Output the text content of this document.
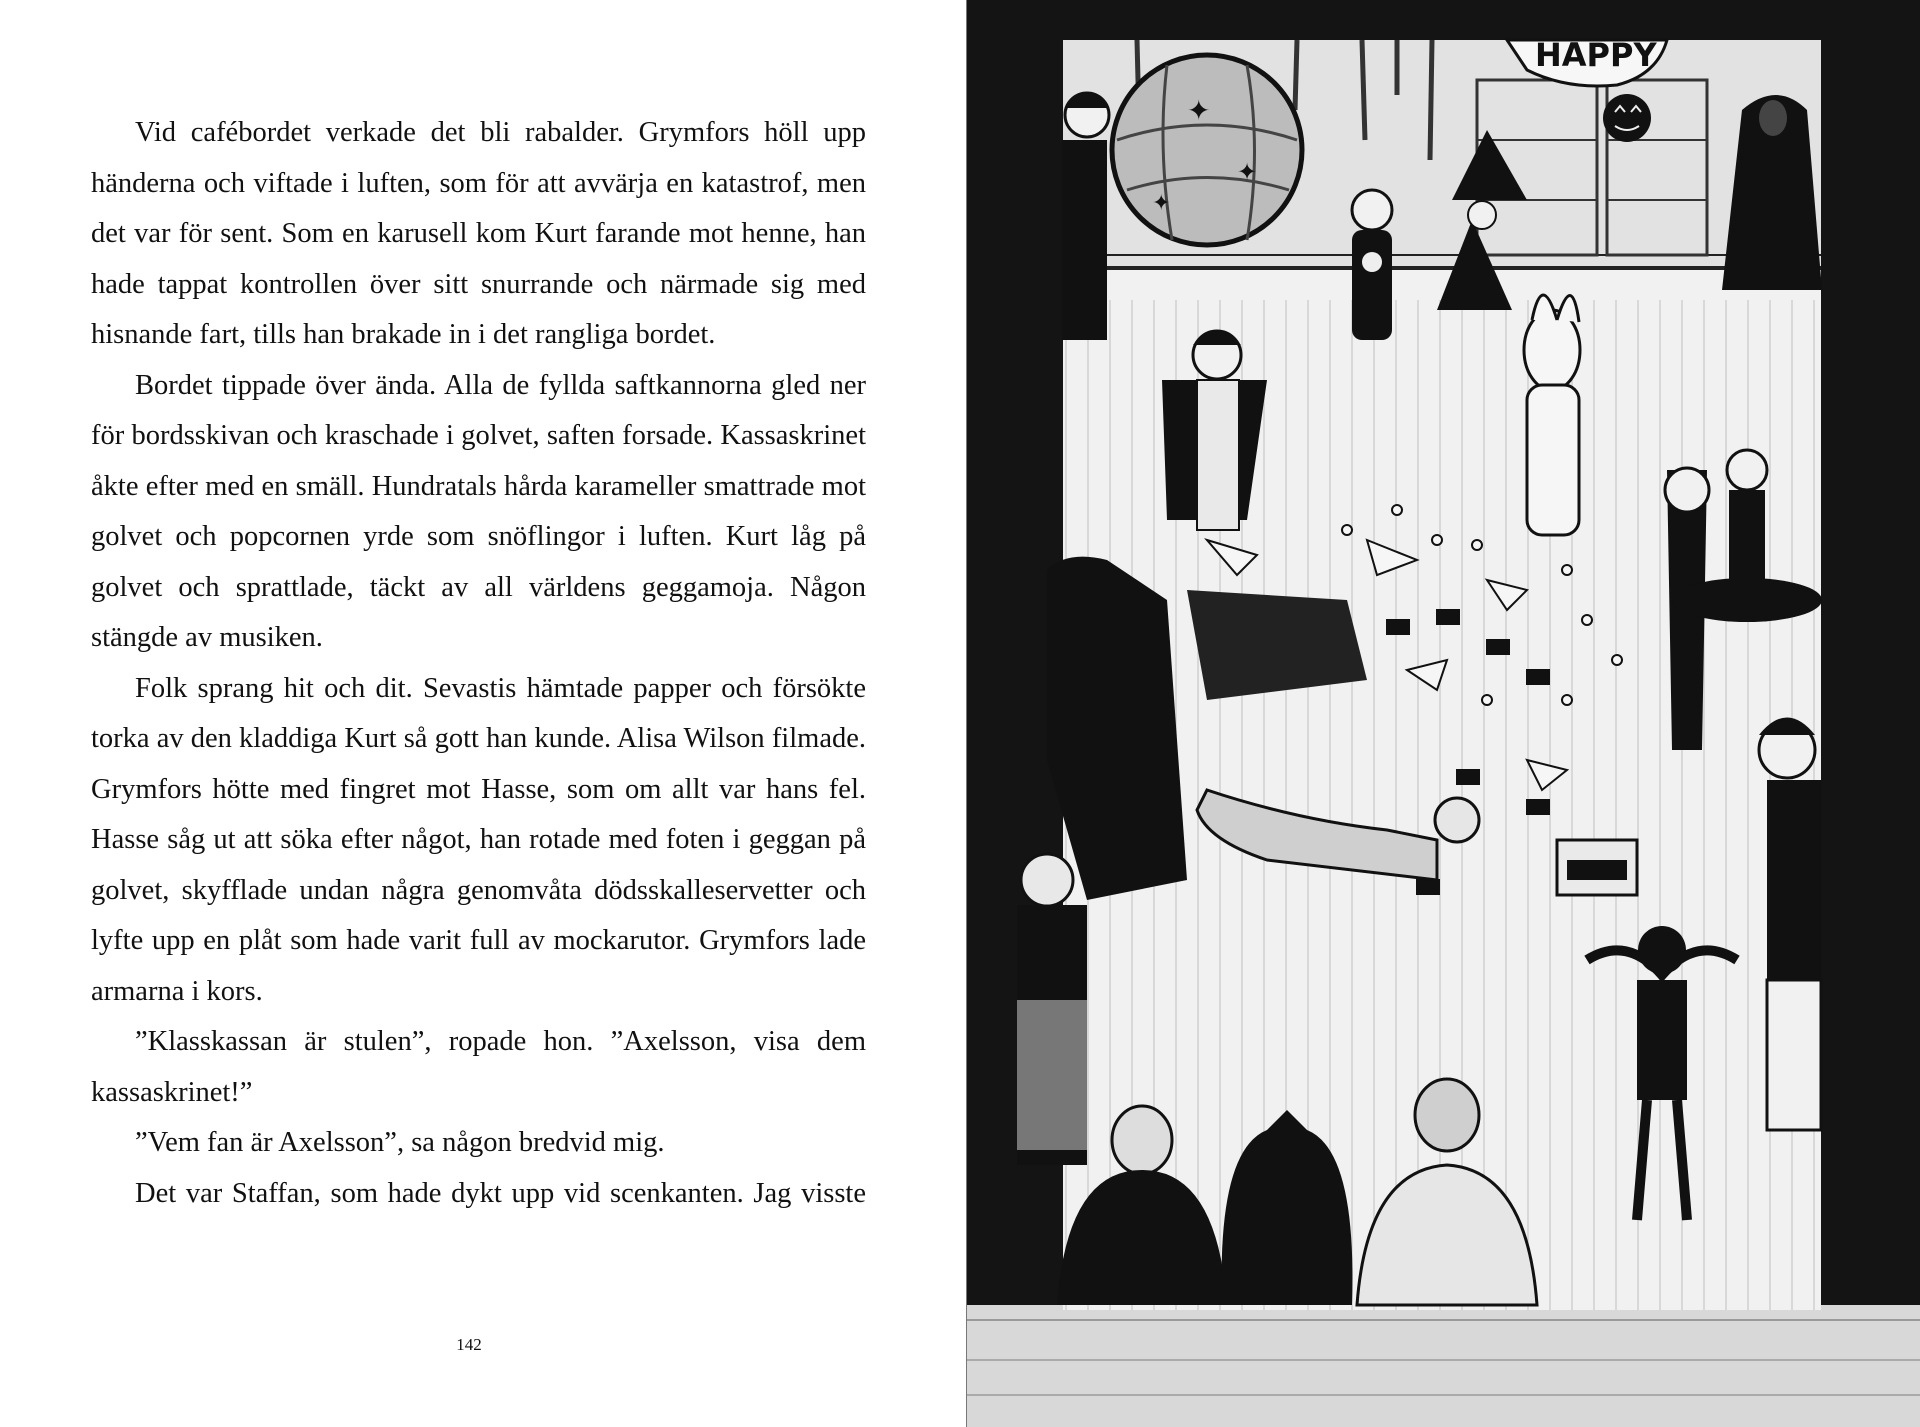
Vid cafébordet verkade det bli rabalder. Grymfors höll upp händerna och viftade i luften, som för att avvärja en katastrof, men det var för sent. Som en karusell kom Kurt farande mot henne, han hade tappat kontrollen över sitt snurrande och närmade sig med hisnande fart, tills han brakade in i det rangliga bordet.

Bordet tippade över ända. Alla de fyllda saftkannorna gled ner för bordsskivan och kraschade i golvet, saften forsade. Kassaskrinet åkte efter med en smäll. Hundratals hårda karameller smattrade mot golvet och popcornen yrde som snöflingor i luften. Kurt låg på golvet och sprattlade, täckt av all världens geggamoja. Någon stängde av musiken.

Folk sprang hit och dit. Sevastis hämtade papper och försökte torka av den kladdiga Kurt så gott han kunde. Alisa Wilson filmade. Grymfors hötte med fingret mot Hasse, som om allt var hans fel. Hasse såg ut att söka efter något, han rotade med foten i geggan på golvet, skyfflade undan några genomvåta dödsskalleservetter och lyfte upp en plåt som hade varit full av mockarutor. Grymfors lade armarna i kors.

”Klasskassan är stulen”, ropade hon. ”Axelsson, visa dem kassaskrinet!”

”Vem fan är Axelsson”, sa någon bredvid mig.

Det var Staffan, som hade dykt upp vid scenkanten. Jag visste

142
✦
✦
✦
HAPPY
